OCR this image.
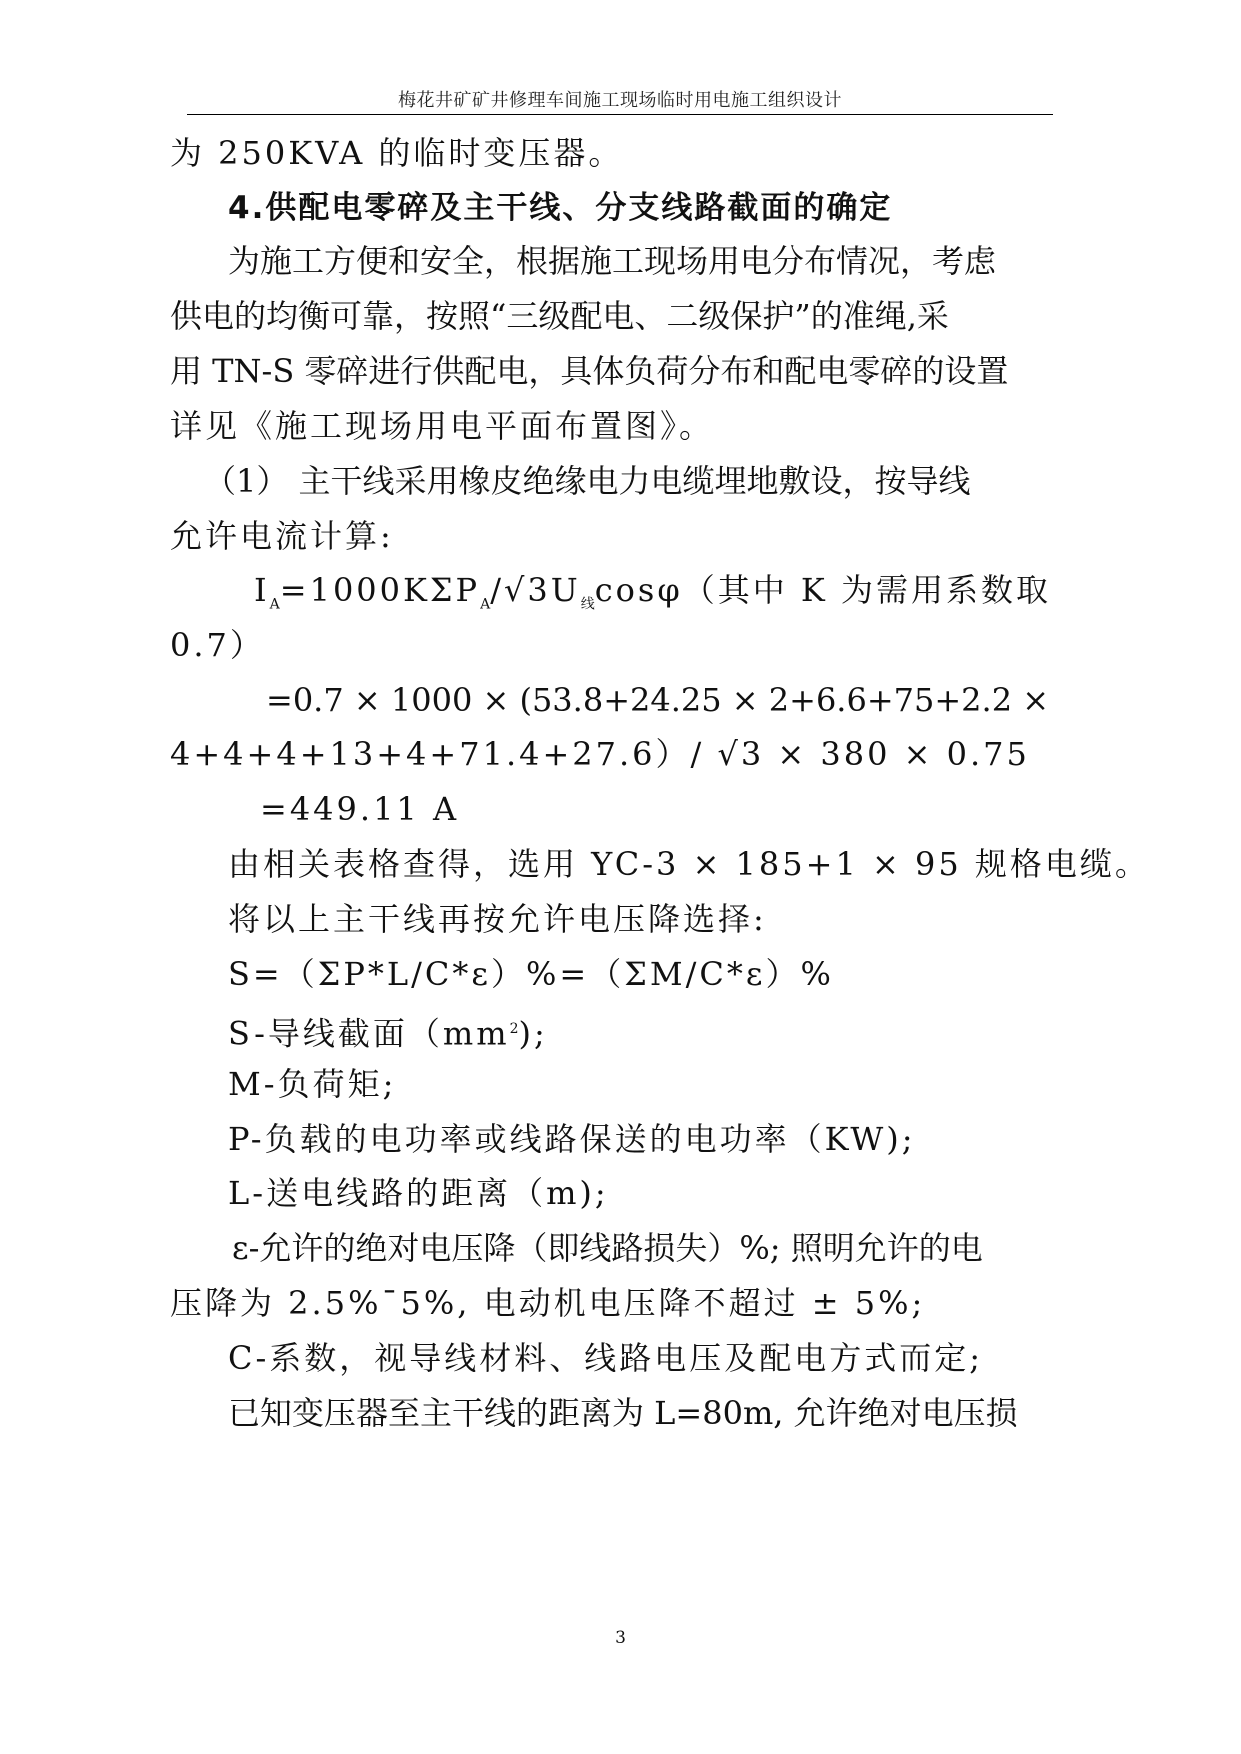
梅花井矿矿井修理车间施工现场临时用电施工组织设计
为 250KVA 的临时变压器。
4.供配电零碎及主干线、分支线路截面的确定
为施工方便和安全，根据施工现场用电分布情况，考虑
供电的均衡可靠，按照“三级配电、二级保护”的准绳,采
用 TN-S 零碎进行供配电，具体负荷分布和配电零碎的设置
详见《施工现场用电平面布置图》。
（1） 主干线采用橡皮绝缘电力电缆埋地敷设，按导线
允许电流计算:
$I_A=1000K\Sigma P_A/√3U_线\cos\varphi$（其中 K 为需用系数取
0.7）
=0.7 × 1000 × (53.8+24.25 × 2+6.6+75+2.2 ×
4+4+4+13+4+71.4+27.6）/ √3 × 380 × 0.75
=449.11 A
由相关表格查得，选用 YC-3 × 185+1 × 95 规格电缆。
将以上主干线再按允许电压降选择:
S=（ΣP*L/C*ε）%=（ΣM/C*ε）%
S-导线截面$(mm^2)$;
M-负荷矩;
P-负载的电功率或线路保送的电功率（KW);
L-送电线路的距离（m);
ε-允许的绝对电压降（即线路损失）%; 照明允许的电
压降为 2.5%¯5%, 电动机电压降不超过 ± 5%;
C-系数，视导线材料、线路电压及配电方式而定;
已知变压器至主干线的距离为 L=80m, 允许绝对电压损
3
